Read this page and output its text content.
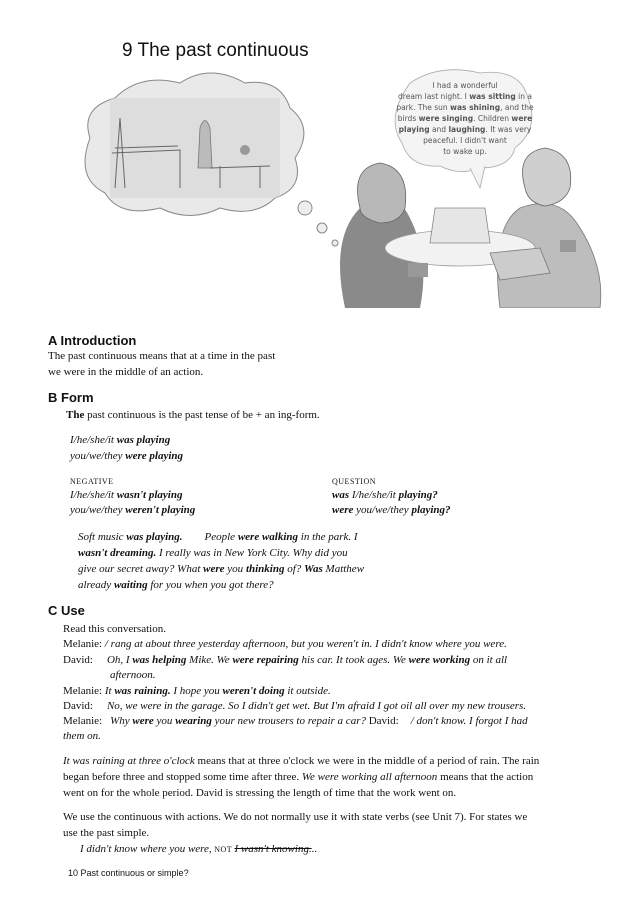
9 The past continuous
I had a wonderful
dream last night. I was sitting in a
park. The sun was shining, and the
birds were singing. Children were
playing and laughing. It was very
peaceful. I didn't want
to wake up.
A Introduction
The past continuous means that at a time in the past
we were in the middle of an action.
B Form
The past continuous is the past tense of be + an ing-form.
I/he/she/it was playing
you/we/they were playing
NEGATIVE	QUESTION
I/he/she/it wasn't playing
you/we/they weren't playing
was I/he/she/it playing?
were you/we/they playing?
Soft music was playing. People were walking in the park. I
wasn't dreaming. I really was in New York City. Why did you
give our secret away? What were you thinking of? Was Matthew
already waiting for you when you got there?
C Use
Read this conversation.
Melanie: / rang at about three yesterday afternoon, but you weren't in. I didn't know where you were.
David: Oh, I was helping Mike. We were repairing his car. It took ages. We were working on it all
afternoon.
Melanie: It was raining. I hope you weren't doing it outside.
David: No, we were in the garage. So I didn't get wet. But I'm afraid I got oil all over my new trousers.
Melanie: Why were you wearing your new trousers to repair a car? David: / don't know. I forgot I had
them on.
It was raining at three o'clock means that at three o'clock we were in the middle of a period of rain. The rain
began before three and stopped some time after three. We were working all afternoon means that the action
went on for the whole period. David is stressing the length of time that the work went on.
We use the continuous with actions. We do not normally use it with state verbs (see Unit 7). For states we
use the past simple.
I didn't know where you were, NOT I wasn't knowing...
10 Past continuous or simple?
